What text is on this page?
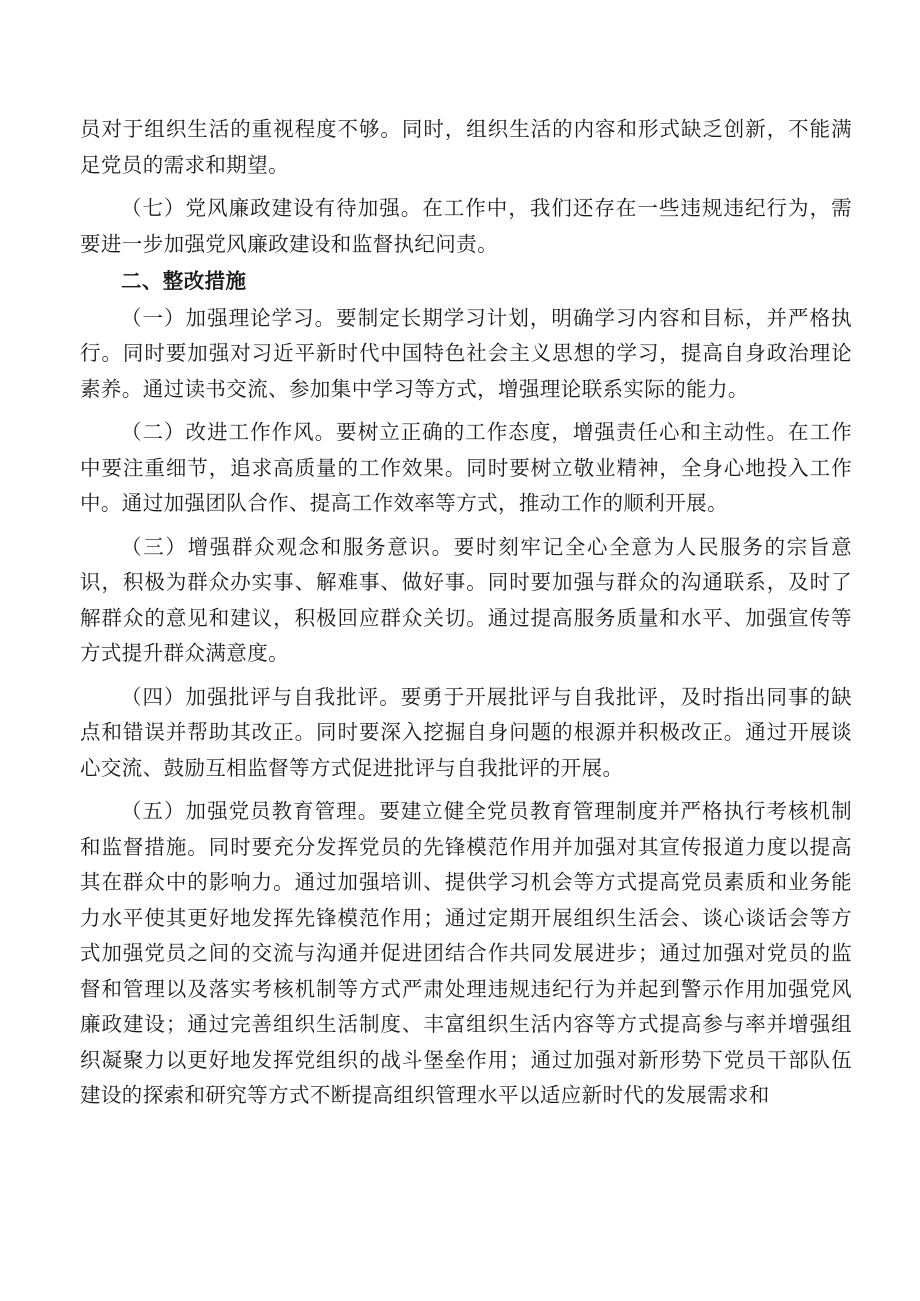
员对于组织生活的重视程度不够。同时，组织生活的内容和形式缺乏创新，不能满足党员的需求和期望。

（七）党风廉政建设有待加强。在工作中，我们还存在一些违规违纪行为，需要进一步加强党风廉政建设和监督执纪问责。

二、整改措施

（一）加强理论学习。要制定长期学习计划，明确学习内容和目标，并严格执行。同时要加强对习近平新时代中国特色社会主义思想的学习，提高自身政治理论素养。通过读书交流、参加集中学习等方式，增强理论联系实际的能力。

（二）改进工作作风。要树立正确的工作态度，增强责任心和主动性。在工作中要注重细节，追求高质量的工作效果。同时要树立敬业精神，全身心地投入工作中。通过加强团队合作、提高工作效率等方式，推动工作的顺利开展。

（三）增强群众观念和服务意识。要时刻牢记全心全意为人民服务的宗旨意识，积极为群众办实事、解难事、做好事。同时要加强与群众的沟通联系，及时了解群众的意见和建议，积极回应群众关切。通过提高服务质量和水平、加强宣传等方式提升群众满意度。

（四）加强批评与自我批评。要勇于开展批评与自我批评，及时指出同事的缺点和错误并帮助其改正。同时要深入挖掘自身问题的根源并积极改正。通过开展谈心交流、鼓励互相监督等方式促进批评与自我批评的开展。

（五）加强党员教育管理。要建立健全党员教育管理制度并严格执行考核机制和监督措施。同时要充分发挥党员的先锋模范作用并加强对其宣传报道力度以提高其在群众中的影响力。通过加强培训、提供学习机会等方式提高党员素质和业务能力水平使其更好地发挥先锋模范作用；通过定期开展组织生活会、谈心谈话会等方式加强党员之间的交流与沟通并促进团结合作共同发展进步；通过加强对党员的监督和管理以及落实考核机制等方式严肃处理违规违纪行为并起到警示作用加强党风廉政建设；通过完善组织生活制度、丰富组织生活内容等方式提高参与率并增强组织凝聚力以更好地发挥党组织的战斗堡垒作用；通过加强对新形势下党员干部队伍建设的探索和研究等方式不断提高组织管理水平以适应新时代的发展需求和
